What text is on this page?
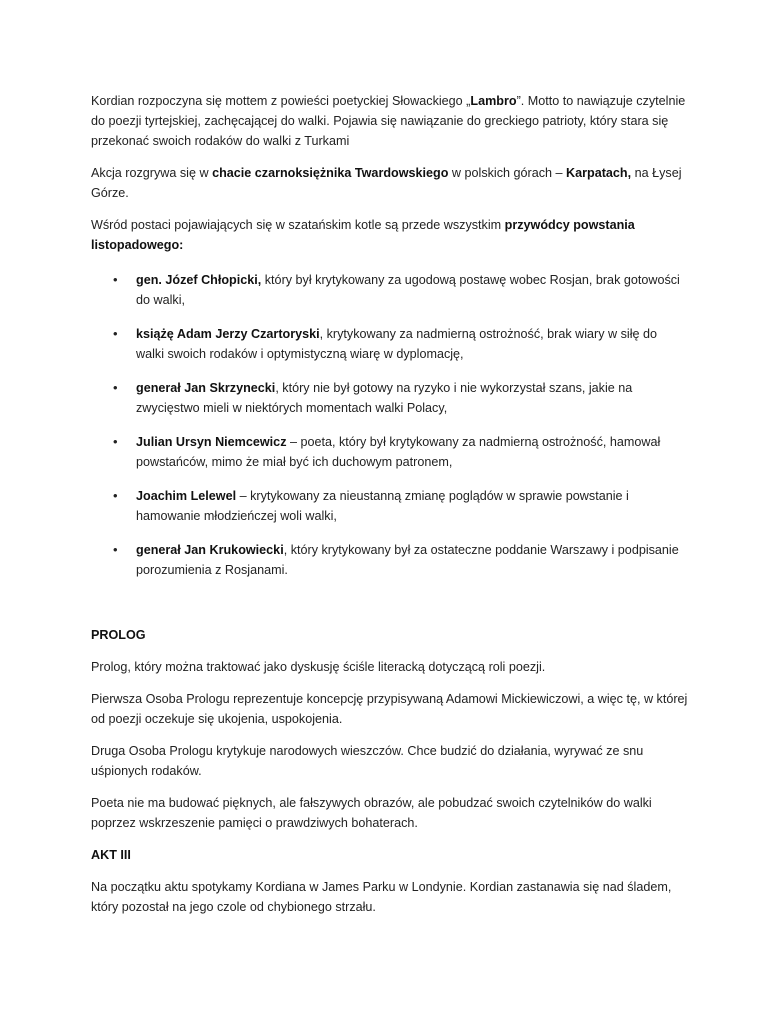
Kordian rozpoczyna się mottem z powieści poetyckiej Słowackiego „Lambro”. Motto to nawiązuje czytelnie do poezji tyrtejskiej, zachęcającej do walki. Pojawia się nawiązanie do greckiego patrioty, który stara się przekonać swoich rodaków do walki z Turkami

Akcja rozgrywa się w chacie czarnoksiężnika Twardowskiego w polskich górach – Karpatach, na Łysej Górze.

Wśród postaci pojawiających się w szatańskim kotle są przede wszystkim przywódcy powstania listopadowego:

• gen. Józef Chłopicki, który był krytykowany za ugodową postawę wobec Rosjan, brak gotowości do walki,
• książę Adam Jerzy Czartoryski, krytykowany za nadmierną ostrożność, brak wiary w siłę do walki swoich rodaków i optymistyczną wiarę w dyplomację,
• generał Jan Skrzynecki, który nie był gotowy na ryzyko i nie wykorzystał szans, jakie na zwycięstwo mieli w niektórych momentach walki Polacy,
• Julian Ursyn Niemcewicz – poeta, który był krytykowany za nadmierną ostrożność, hamował powstańców, mimo że miał być ich duchowym patronem,
• Joachim Lelewel – krytykowany za nieustanną zmianę poglądów w sprawie powstanie i hamowanie młodzieńczej woli walki,
• generał Jan Krukowiecki, który krytykowany był za ostateczne poddanie Warszawy i podpisanie porozumienia z Rosjanami.
PROLOG

Prolog, który można traktować jako dyskusję ściśle literacką dotyczącą roli poezji.

Pierwsza Osoba Prologu reprezentuje koncepcję przypisywaną Adamowi Mickiewiczowi, a więc tę, w której od poezji oczekuje się ukojenia, uspokojenia.

Druga Osoba Prologu krytykuje narodowych wieszczów. Chce budzić do działania, wyrywać ze snu uśpionych rodaków.

Poeta nie ma budować pięknych, ale fałszywych obrazów, ale pobudzać swoich czytelników do walki poprzez wskrzeszenie pamięci o prawdziwych bohaterach.

AKT III

Na początku aktu spotykamy Kordiana w James Parku w Londynie. Kordian zastanawia się nad śladem, który pozostał na jego czole od chybionego strzału.
